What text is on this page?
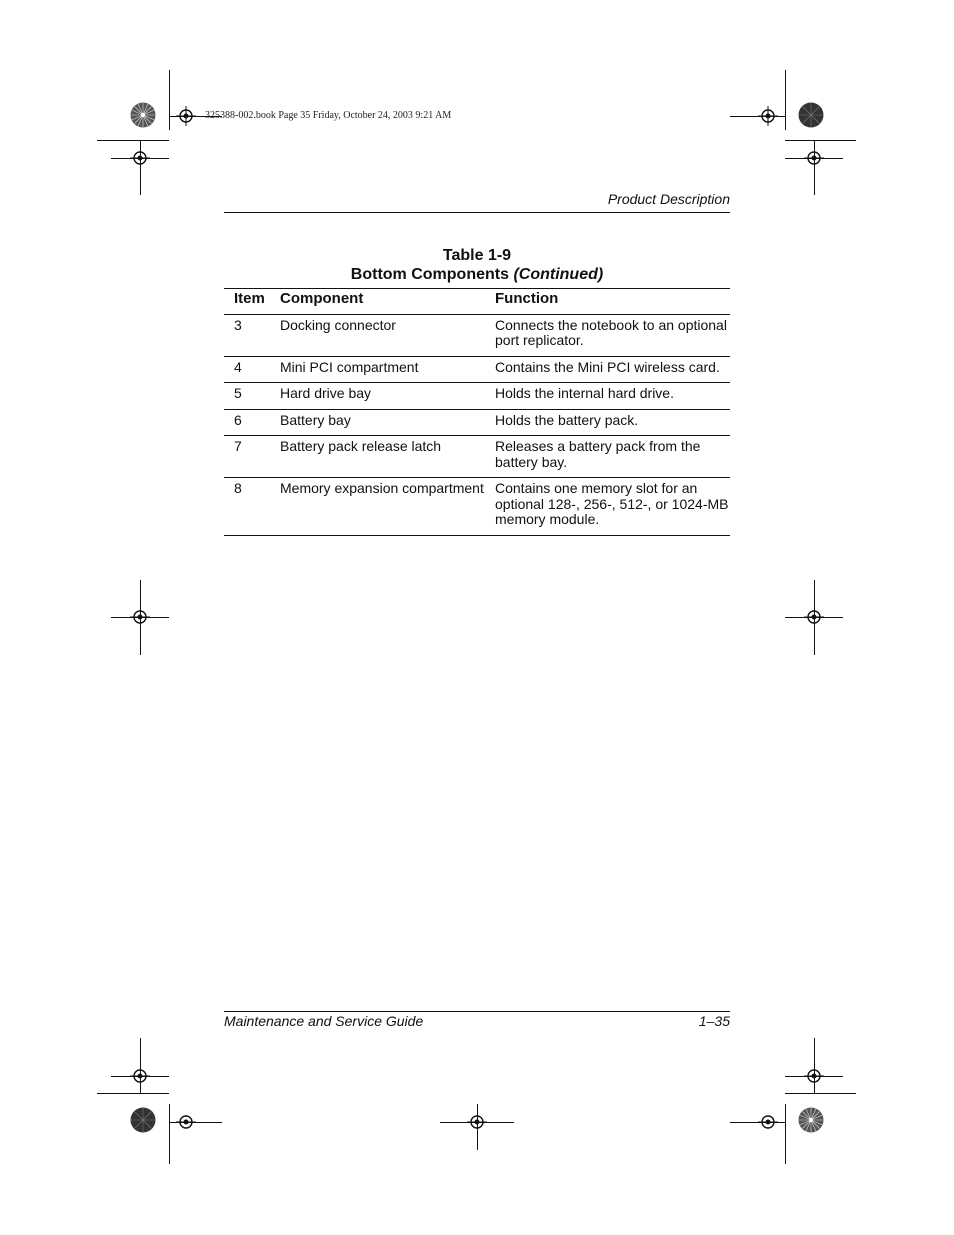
325388-002.book Page 35 Friday, October 24, 2003 9:21 AM
Product Description
Table 1-9
Bottom Components (Continued)
Item	Component	Function
3	Docking connector	Connects the notebook to an optional port replicator.
4	Mini PCI compartment	Contains the Mini PCI wireless card.
5	Hard drive bay	Holds the internal hard drive.
6	Battery bay	Holds the battery pack.
7	Battery pack release latch	Releases a battery pack from the battery bay.
8	Memory expansion compartment	Contains one memory slot for an optional 128-, 256-, 512-, or 1024-MB memory module.
Maintenance and Service Guide	1–35
